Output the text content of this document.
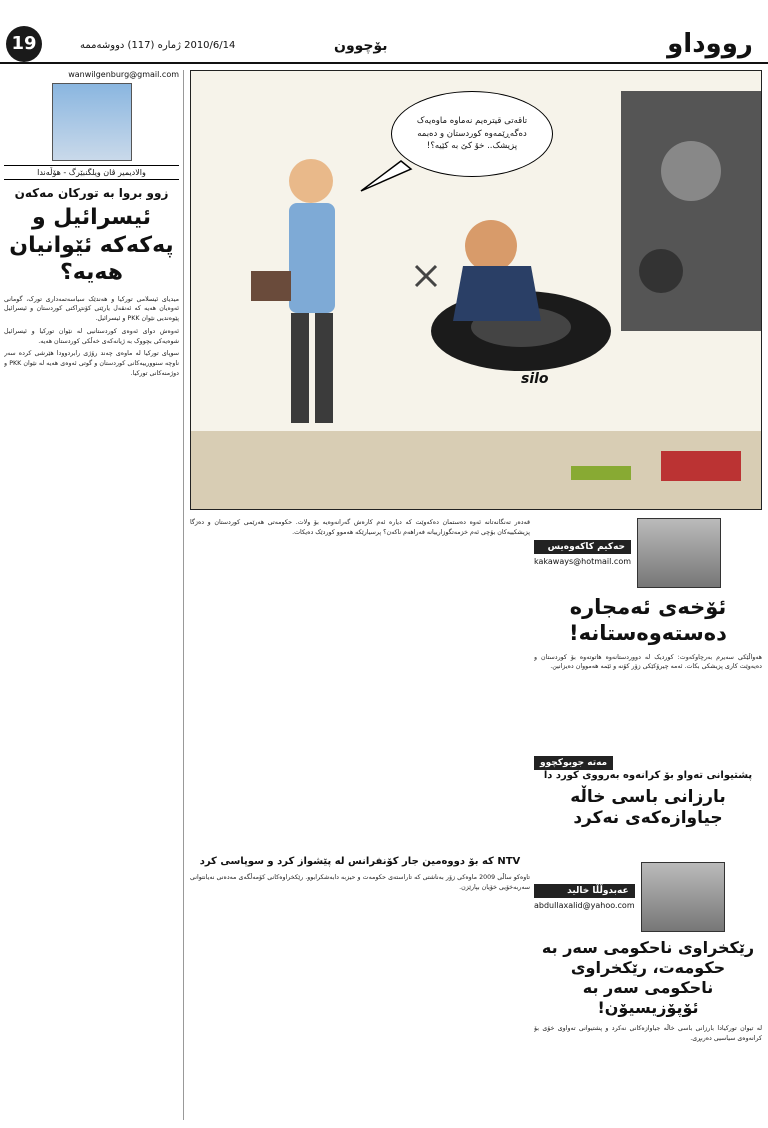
19	2010/6/14 ژماره (117) دووشه‌ممه	بۆچوون	رووداو
wanwilgenburg@gmail.com
والادیمیر ڤان ویلگنبێرگ - هۆڵەندا
زوو بروا به‌ تورکان مه‌که‌ن
ئیسرائیل و په‌که‌که‌ ئێوانیان هه‌یه‌؟

میدیای ئیسلامی تورکیا و هه‌ندێک سیاسه‌تمه‌داری تورک، گومانی ئه‌وه‌یان هه‌یه‌ که‌ ئه‌نقه‌ل یارێتی کۆنتڕاکتی کوردستان و ئیسرائیل پێوه‌ندیی نێوان PKK و ئیسرائیل.

ئه‌وه‌ش دوای ئه‌وه‌ی کوردستانیی له‌ نێوان تورکیا و ئیسرائیل شوه‌یه‌کی بچووک به‌ ژیانه‌که‌ی خه‌ڵکی کوردستان هه‌یه‌.

سوپای تورکیا له‌ ماوه‌ی چه‌ند رۆژی رابردوودا هێرشی کرده‌ سه‌ر ناوچه‌ سنوورییه‌کانی کوردستان و گوتی ئه‌وه‌ی هه‌یه‌ له‌ نێوان PKK و دوژمنه‌کانی تورکیا.

تاقه‌تی قیتره‌یم نه‌ماوه‌ ماوه‌یه‌ک ده‌گه‌ڕێمه‌وه‌ کوردستان و ده‌بمه‌ پزیشک.. خۆ کێ به‌ کێیه‌؟!
silo

قه‌ده‌ر ته‌نگانه‌تانه‌ ئه‌وه‌ ده‌ستمان ده‌که‌وێت که‌ دیاره‌ ئه‌م کاره‌ش گه‌رانه‌وه‌یه‌ بۆ ولات. حکومه‌تی هه‌رێمی کوردستان و ده‌زگا پزیشکییه‌کان بۆچی ئه‌م خزمه‌تگوزارییانه‌ فه‌راهه‌م ناکه‌ن؟ پرسیارێکه‌ هه‌موو کوردێک ده‌یکات.

NTV که‌ بۆ دووه‌مین جار کۆنفرانس له‌ پێشواز کرد و سوپاسی کرد
تاوه‌کو ساڵی 2009 ماوه‌کی زۆر به‌ناشتی که‌ تاراسته‌ی حکومه‌ت و حیزبه‌ دابه‌شکرابوو. رێکخراوه‌کانی کۆمه‌ڵگه‌ی مه‌ده‌نی نه‌یانتوانی سه‌ربه‌خۆیی خۆیان بپارێزن.
حه‌کیم کاکه‌وه‌یس
kakaways@hotmail.com
ئۆخه‌ی ئه‌مجاره‌ ده‌سته‌وه‌ستانه‌!
هه‌واڵێکی سه‌یرم به‌رچاوکه‌وت: کوردیک له‌ دووردستانه‌وه‌ هاتوته‌وه‌ بۆ کوردستان و ده‌یه‌وێت کاری پزیشکی بکات. ئه‌مه‌ چیرۆکێکی زۆر کۆنه‌ و ئێمه‌ هه‌مووان ده‌یزانین.
مه‌ته‌ جوبوکچوو
پشتیوانی ته‌واو بۆ کرانه‌وه‌ به‌رووی کورد دا
بارزانی باسی خاڵه‌ جیاوازه‌که‌ی نه‌کرد
عه‌بدوڵڵا خالید
abdullaxalid@yahoo.com
رێکخراوی ناحکومی سه‌ر به‌ حکومه‌ت، رێکخراوی ناحکومی سه‌ر به‌ ئۆپۆزیسیۆن!
له‌ تیوان تورکیادا بارزانی باسی خاڵه‌ جیاوازه‌کانی نه‌کرد و پشتیوانی ته‌واوی خۆی بۆ کرانه‌وه‌ی سیاسیی ده‌ربڕی.
